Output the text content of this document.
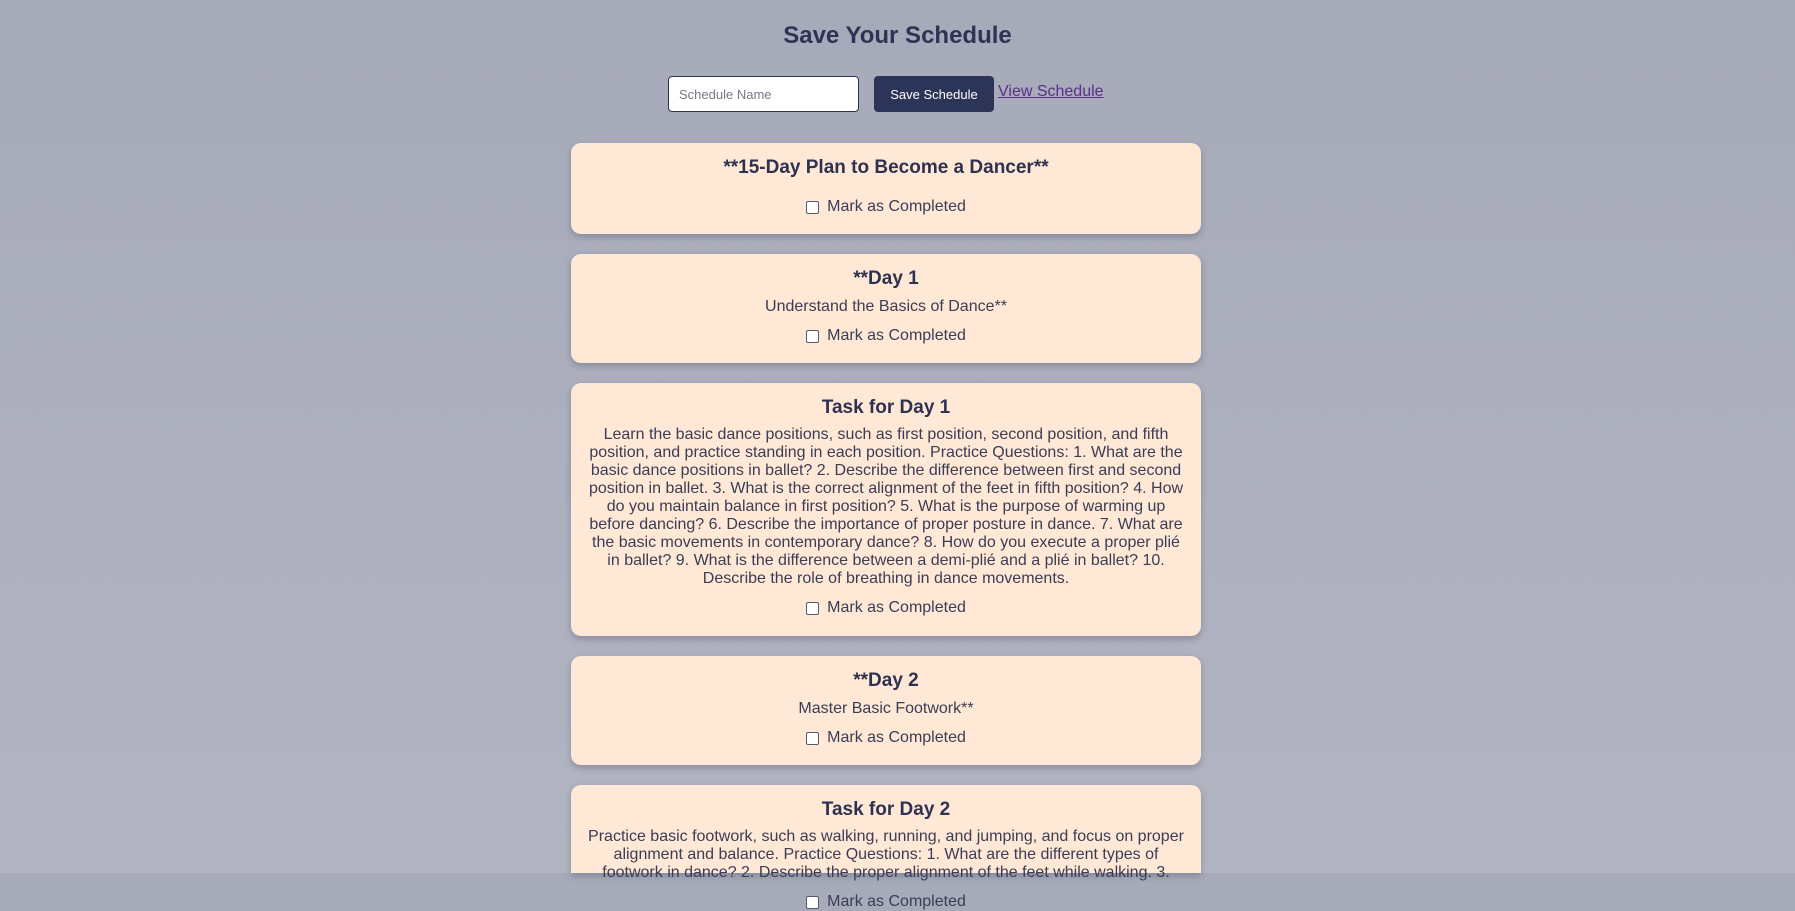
Save Your Schedule
Schedule Name
Save Schedule	View Schedule
**15-Day Plan to Become a Dancer**
Mark as Completed
**Day 1
Understand the Basics of Dance**
Mark as Completed
Task for Day 1
Learn the basic dance positions, such as first position, second position, and fifth position, and practice standing in each position. Practice Questions: 1. What are the basic dance positions in ballet? 2. Describe the difference between first and second position in ballet. 3. What is the correct alignment of the feet in fifth position? 4. How do you maintain balance in first position? 5. What is the purpose of warming up before dancing? 6. Describe the importance of proper posture in dance. 7. What are the basic movements in contemporary dance? 8. How do you execute a proper plié in ballet? 9. What is the difference between a demi-plié and a plié in ballet? 10. Describe the role of breathing in dance movements.
Mark as Completed
**Day 2
Master Basic Footwork**
Mark as Completed
Task for Day 2
Practice basic footwork, such as walking, running, and jumping, and focus on proper alignment and balance. Practice Questions: 1. What are the different types of footwork in dance? 2. Describe the proper alignment of the feet while walking. 3.
Mark as Completed
